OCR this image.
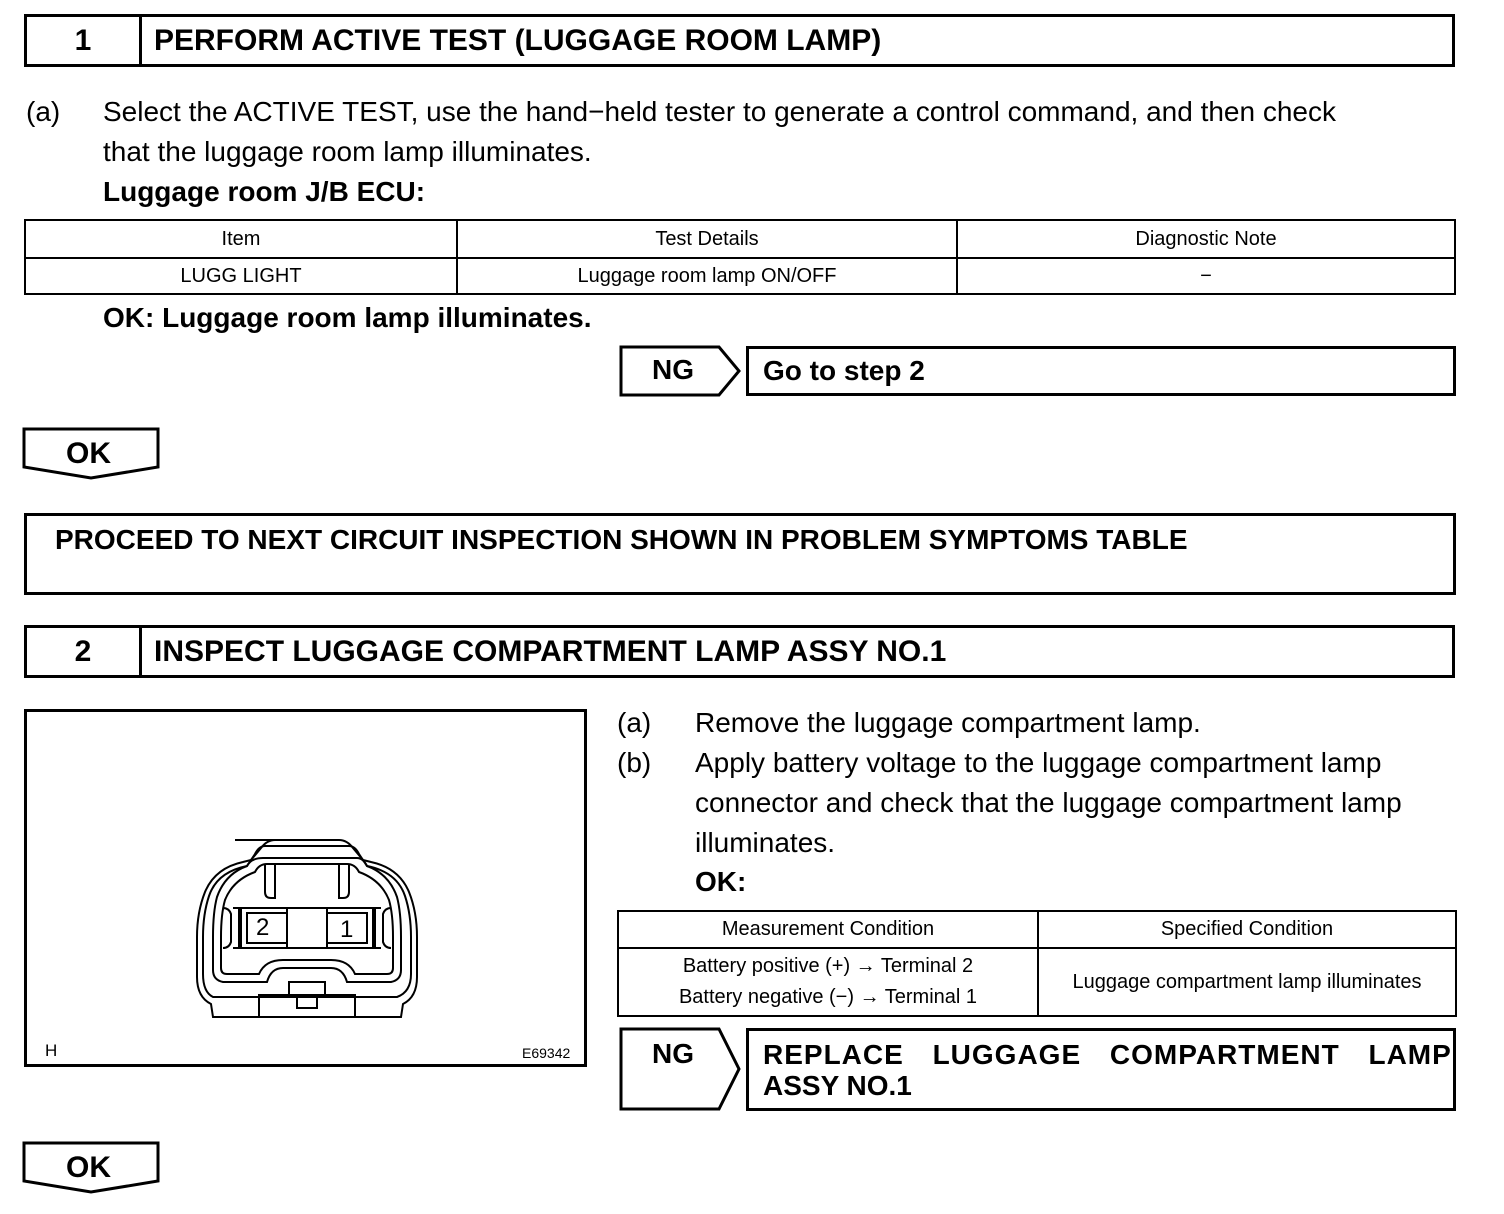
1	PERFORM ACTIVE TEST (LUGGAGE ROOM LAMP)
(a) Select the ACTIVE TEST, use the hand−held tester to generate a control command, and then check
that the luggage room lamp illuminates.
Luggage room J/B ECU:
Item	Test Details	Diagnostic Note
LUGG LIGHT	Luggage room lamp ON/OFF	−
OK: Luggage room lamp illuminates.
NG Go to step 2
OK
PROCEED TO NEXT CIRCUIT INSPECTION SHOWN IN PROBLEM SYMPTOMS TABLE
2	INSPECT LUGGAGE COMPARTMENT LAMP ASSY NO.1
2	1
H	E69342
(a) Remove the luggage compartment lamp.
(b) Apply battery voltage to the luggage compartment lamp
connector and check that the luggage compartment lamp
illuminates.
OK:
Measurement Condition	Specified Condition

Battery positive (+) → Terminal 2
Battery negative (−) → Terminal 1	Luggage compartment lamp illuminates
NG REPLACE LUGGAGE COMPARTMENT LAMP
ASSY NO.1
OK
